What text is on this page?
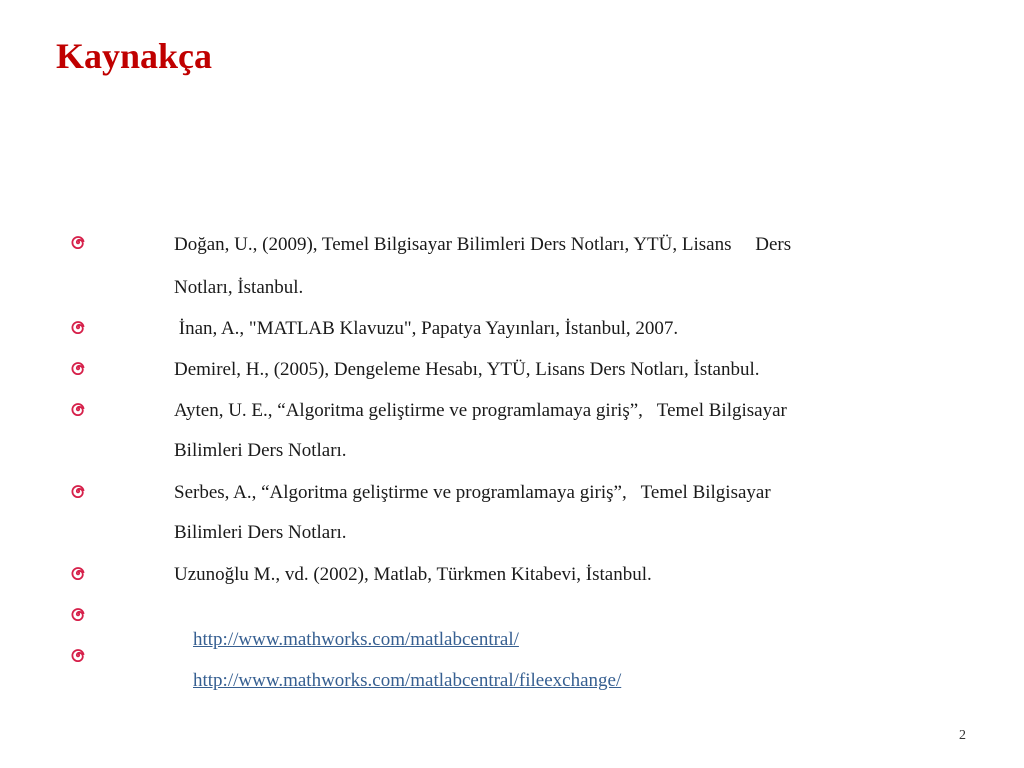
Kaynakça
Doğan, U., (2009), Temel Bilgisayar Bilimleri Ders Notları, YTÜ, Lisans     Ders
Notları, İstanbul.
İnan, A., "MATLAB Klavuzu", Papatya Yayınları, İstanbul, 2007.
Demirel, H., (2005), Dengeleme Hesabı, YTÜ, Lisans Ders Notları, İstanbul.
Ayten, U. E., “Algoritma geliştirme ve programlamaya giriş”,   Temel Bilgisayar
Bilimleri Ders Notları.
Serbes, A., “Algoritma geliştirme ve programlamaya giriş”,   Temel Bilgisayar
Bilimleri Ders Notları.
Uzunoğlu M., vd. (2002), Matlab, Türkmen Kitabevi, İstanbul.

http://www.mathworks.com/matlabcentral/

http://www.mathworks.com/matlabcentral/fileexchange/

2
